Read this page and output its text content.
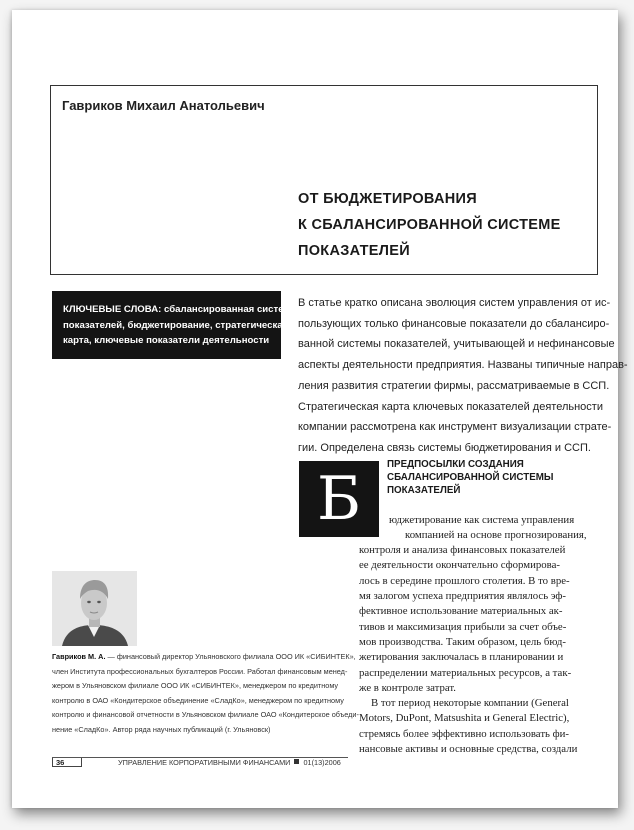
Гавриков Михаил Анатольевич
ОТ БЮДЖЕТИРОВАНИЯ
К СБАЛАНСИРОВАННОЙ СИСТЕМЕ
ПОКАЗАТЕЛЕЙ
КЛЮЧЕВЫЕ СЛОВА: сбалансированная система
показателей, бюджетирование, стратегическая
карта, ключевые показатели деятельности
В статье кратко описана эволюция систем управления от ис-
пользующих только финансовые показатели до сбалансиро-
ванной системы показателей, учитывающей и нефинансовые
аспекты деятельности предприятия. Названы типичные направ-
ления развития стратегии фирмы, рассматриваемые в ССП.
Стратегическая карта ключевых показателей деятельности
компании рассмотрена как инструмент визуализации страте-
гии. Определена связь системы бюджетирования и ССП.
Б	ПРЕДПОСЫЛКИ СОЗДАНИЯ
СБАЛАНСИРОВАННОЙ СИСТЕМЫ
ПОКАЗАТЕЛЕЙ
юджетирование как система управления
компанией на основе прогнозирования,
контроля и анализа финансовых показателей
ее деятельности окончательно сформирова-
лось в середине прошлого столетия. В то вре-
мя залогом успеха предприятия являлось эф-
фективное использование материальных ак-
тивов и максимизация прибыли за счет объе-
мов производства. Таким образом, цель бюд-
жетирования заключалась в планировании и
распределении материальных ресурсов, а так-
же в контроле затрат.
В тот период некоторые компании (General
Motors, DuPont, Matsushita и General Electric),
стремясь более эффективно использовать фи-
нансовые активы и основные средства, создали
Гавриков М. А. — финансовый директор Ульяновского филиала ООО ИК «СИБИНТЕК»,
член Института профессиональных бухгалтеров России. Работал финансовым менед-
жером в Ульяновском филиале ООО ИК «СИБИНТЕК», менеджером по кредитному
контролю в ОАО «Кондитерское объединение «СладКо», менеджером по кредитному
контролю и финансовой отчетности в Ульяновском филиале ОАО «Кондитерское объеди-
нение «СладКо». Автор ряда научных публикаций (г. Ульяновск)
36	УПРАВЛЕНИЕ КОРПОРАТИВНЫМИ ФИНАНСАМИ 01(13)2006
